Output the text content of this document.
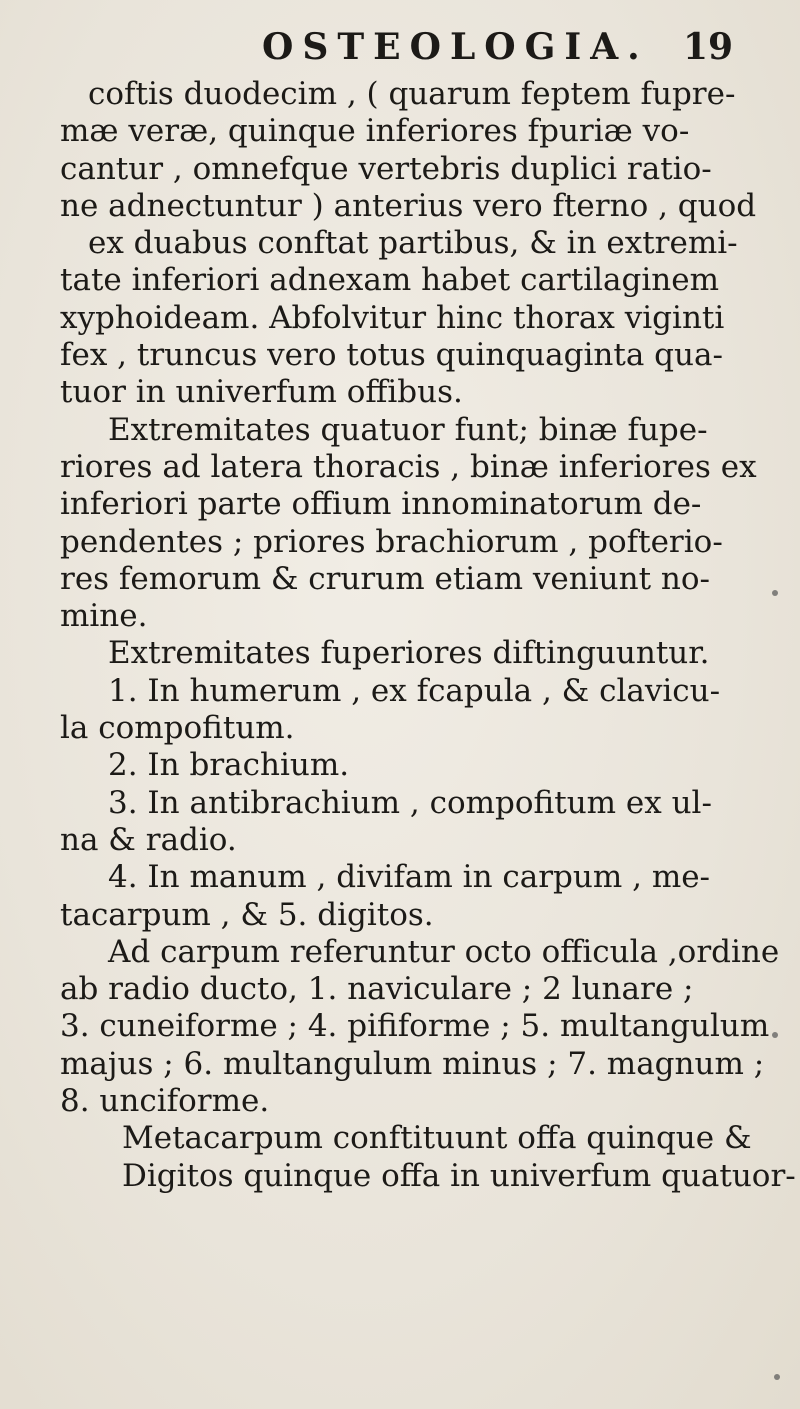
OSTEOLOGIA. 19
coftis duodecim , ( quarum feptem fupre-
mæ veræ, quinque inferiores fpuriæ vo-
cantur , omnefque vertebris duplici ratio-
ne adnectuntur ) anterius vero fterno , quod
ex duabus conftat partibus, & in extremi-
tate inferiori adnexam habet cartilaginem
xyphoideam. Abfolvitur hinc thorax viginti
fex , truncus vero totus quinquaginta qua-
tuor in univerfum offibus.
Extremitates quatuor funt; binæ fupe-
riores ad latera thoracis , binæ inferiores ex
inferiori parte offium innominatorum de-
pendentes ; priores brachiorum , pofterio-
res femorum & crurum etiam veniunt no-
mine.
Extremitates fuperiores diftinguuntur.
1. In humerum , ex fcapula , & clavicu-
la compofitum.
2. In brachium.
3. In antibrachium , compofitum ex ul-
na & radio.
4. In manum , divifam in carpum , me-
tacarpum , & 5. digitos.
Ad carpum referuntur octo officula ,ordine
ab radio ducto, 1. naviculare ; 2 lunare ;
3. cuneiforme ; 4. pififorme ; 5. multangulum
majus ; 6. multangulum minus ; 7. magnum ;
8. unciforme.
Metacarpum conftituunt offa quinque &
Digitos quinque offa in univerfum quatuor-
